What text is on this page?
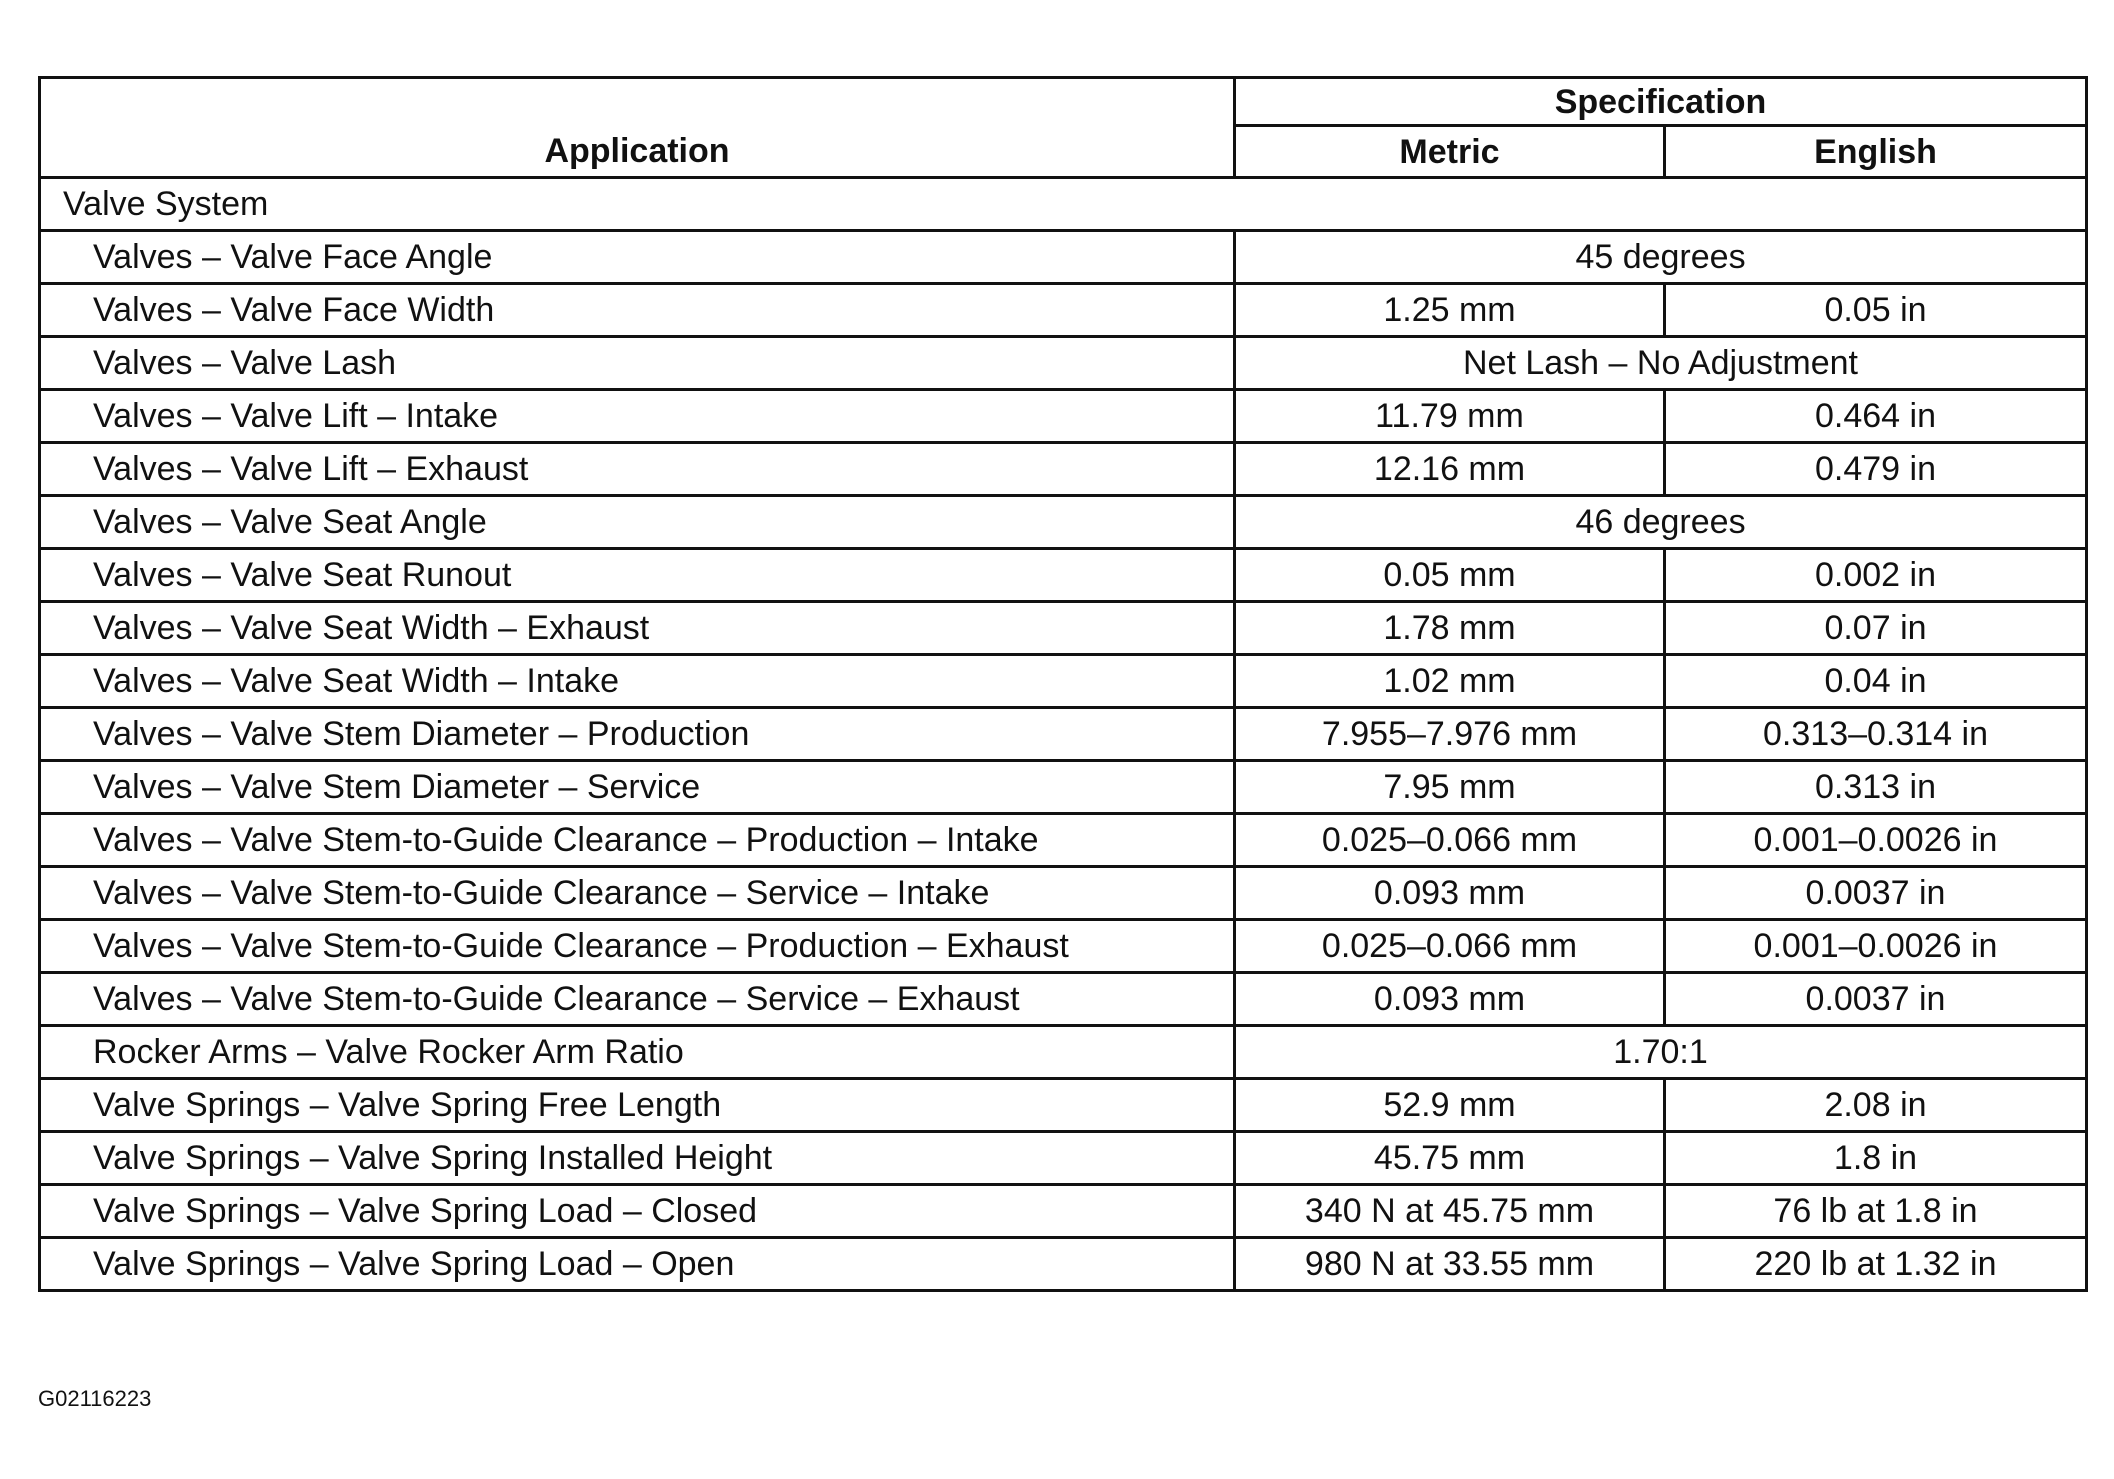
Application	Specification	
	Metric	English
Valve System		
Valves – Valve Face Angle	45 degrees	
Valves – Valve Face Width	1.25 mm	0.05 in
Valves – Valve Lash	Net Lash – No Adjustment	
Valves – Valve Lift – Intake	11.79 mm	0.464 in
Valves – Valve Lift – Exhaust	12.16 mm	0.479 in
Valves – Valve Seat Angle	46 degrees	
Valves – Valve Seat Runout	0.05 mm	0.002 in
Valves – Valve Seat Width – Exhaust	1.78 mm	0.07 in
Valves – Valve Seat Width – Intake	1.02 mm	0.04 in
Valves – Valve Stem Diameter – Production	7.955–7.976 mm	0.313–0.314 in
Valves – Valve Stem Diameter – Service	7.95 mm	0.313 in
Valves – Valve Stem-to-Guide Clearance – Production – Intake	0.025–0.066 mm	0.001–0.0026 in
Valves – Valve Stem-to-Guide Clearance – Service – Intake	0.093 mm	0.0037 in
Valves – Valve Stem-to-Guide Clearance – Production – Exhaust	0.025–0.066 mm	0.001–0.0026 in
Valves – Valve Stem-to-Guide Clearance – Service – Exhaust	0.093 mm	0.0037 in
Rocker Arms – Valve Rocker Arm Ratio	1.70:1	
Valve Springs – Valve Spring Free Length	52.9 mm	2.08 in
Valve Springs – Valve Spring Installed Height	45.75 mm	1.8 in
Valve Springs – Valve Spring Load – Closed	340 N at 45.75 mm	76 lb at 1.8 in
Valve Springs – Valve Spring Load – Open	980 N at 33.55 mm	220 lb at 1.32 in
G02116223
